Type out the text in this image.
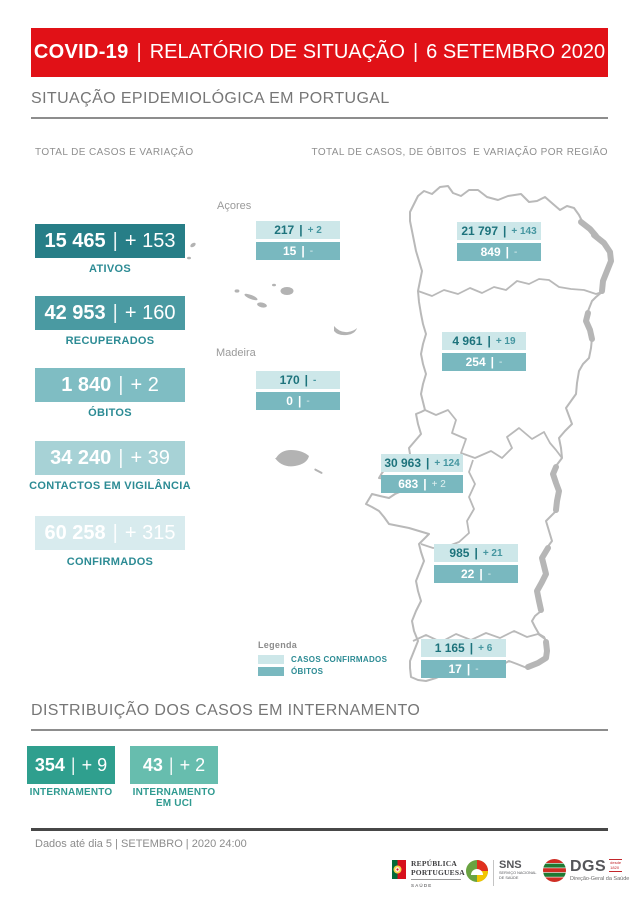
COVID-19 | RELATÓRIO DE SITUAÇÃO | 6 SETEMBRO 2020
SITUAÇÃO EPIDEMIOLÓGICA EM PORTUGAL
TOTAL DE CASOS E VARIAÇÃO	TOTAL DE CASOS, DE ÓBITOS  E VARIAÇÃO POR REGIÃO
15 465 | + 153
ATIVOS
42 953 | + 160
RECUPERADOS
1 840 | + 2
ÓBITOS
34 240 | + 39
CONTACTOS EM VIGILÂNCIA
60 258 | + 315
CONFIRMADOS
Açores
Madeira
217 | + 2
15 | -
21 797 | + 143
849 | -
4 961 | + 19
254 | -
170 | -
0 | -
30 963 | + 124
683 | + 2
985 | + 21
22 | -
1 165 | + 6
17 | -
Legenda
CASOS CONFIRMADOS
ÓBITOS
DISTRIBUIÇÃO DOS CASOS EM INTERNAMENTO
354 | + 9
INTERNAMENTO
43 | + 2
INTERNAMENTO
EM UCI
Dados até dia 5 | SETEMBRO | 2020 24:00
REPÚBLICA
PORTUGUESA
SAÚDE
SNS
SERVIÇO NACIONAL
DE SAÚDE
DGS desde
1820
Direção-Geral da Saúde
